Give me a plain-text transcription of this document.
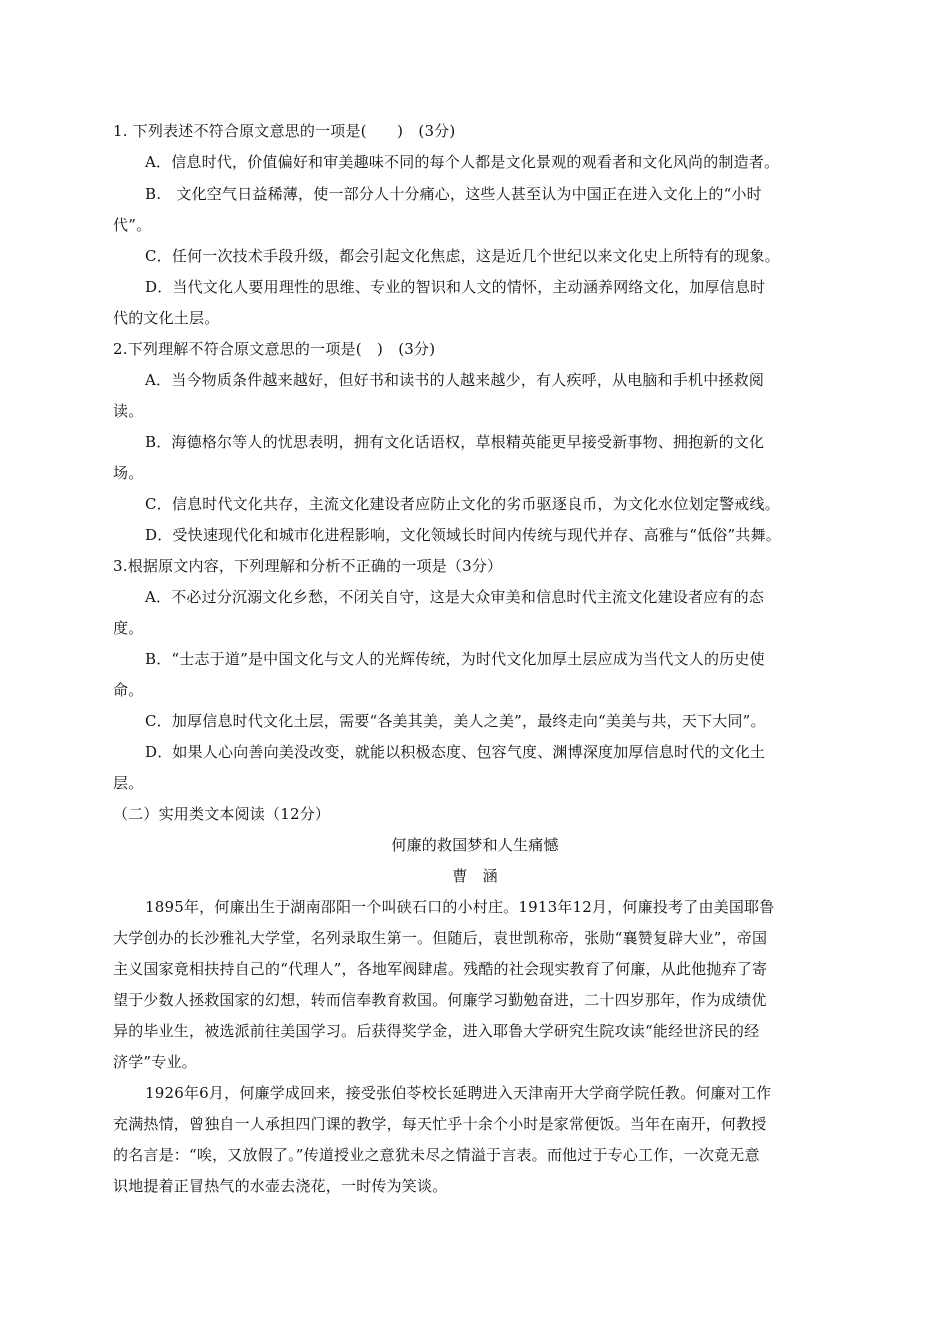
1. 下列表述不符合原文意思的一项是(　　)　(3分)
A．信息时代，价值偏好和审美趣味不同的每个人都是文化景观的观看者和文化风尚的制造者。
B.　文化空气日益稀薄，使一部分人十分痛心，这些人甚至认为中国正在进入文化上的“小时
代”。
C．任何一次技术手段升级，都会引起文化焦虑，这是近几个世纪以来文化史上所特有的现象。
D．当代文化人要用理性的思维、专业的智识和人文的情怀，主动涵养网络文化，加厚信息时
代的文化土层。
2.下列理解不符合原文意思的一项是(　)　(3分)
A．当今物质条件越来越好，但好书和读书的人越来越少，有人疾呼，从电脑和手机中拯救阅
读。
B．海德格尔等人的忧思表明，拥有文化话语权，草根精英能更早接受新事物、拥抱新的文化
场。
C．信息时代文化共存，主流文化建设者应防止文化的劣币驱逐良币，为文化水位划定警戒线。
D．受快速现代化和城市化进程影响，文化领域长时间内传统与现代并存、高雅与“低俗”共舞。
3.根据原文内容，下列理解和分析不正确的一项是（3分）
A．不必过分沉溺文化乡愁，不闭关自守，这是大众审美和信息时代主流文化建设者应有的态
度。
B．“士志于道”是中国文化与文人的光辉传统，为时代文化加厚土层应成为当代文人的历史使
命。
C．加厚信息时代文化土层，需要“各美其美，美人之美”，最终走向“美美与共，天下大同”。
D．如果人心向善向美没改变，就能以积极态度、包容气度、渊博深度加厚信息时代的文化土
层。
（二）实用类文本阅读（12分）
何廉的救国梦和人生痛憾
曹　涵
1895年，何廉出生于湖南邵阳一个叫硖石口的小村庄。1913年12月，何廉投考了由美国耶鲁
大学创办的长沙雅礼大学堂，名列录取生第一。但随后，袁世凯称帝，张勋“襄赞复辟大业”，帝国
主义国家竟相扶持自己的“代理人”，各地军阀肆虐。残酷的社会现实教育了何廉，从此他抛弃了寄
望于少数人拯救国家的幻想，转而信奉教育救国。何廉学习勤勉奋进，二十四岁那年，作为成绩优
异的毕业生，被选派前往美国学习。后获得奖学金，进入耶鲁大学研究生院攻读“能经世济民的经
济学”专业。
1926年6月，何廉学成回来，接受张伯苓校长延聘进入天津南开大学商学院任教。何廉对工作
充满热情，曾独自一人承担四门课的教学，每天忙乎十余个小时是家常便饭。当年在南开，何教授
的名言是：“唉，又放假了。”传道授业之意犹未尽之情溢于言表。而他过于专心工作，一次竟无意
识地提着正冒热气的水壶去浇花，一时传为笑谈。
